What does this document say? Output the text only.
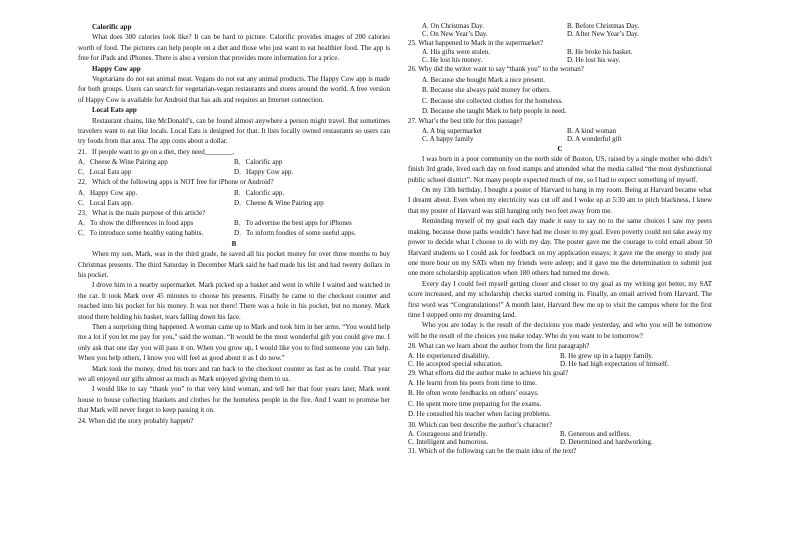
Calorific app

What does 300 calories look like? It can be hard to picture. Calorific provides images of 200 calories worth of food. The pictures can help people on a diet and those who just want to eat healthier food. The app is free for iPads and iPhones. There is also a version that provides more information for a price.

Happy Cow app

Vegetarians do not eat animal meat. Vegans do not eat any animal products. The Happy Cow app is made for both groups. Users can search for vegetarian-vegan restaurants and stores around the world. A free version of Happy Cow is available for Android that has ads and requires an Internet connection.

Local Eats app

Restaurant chains, like McDonald’s, can be found almost anywhere a person might travel. But sometimes travelers want to eat like locals. Local Eats is designed for that. It lists locally owned restaurants so users can try foods from that area. The app costs about a dollar.

21．If people want to go on a diet, they need________.
A．Cheese & Wine Pairing app	B．Calorific app
C．Local Eats app	D．Happy Cow app.
22．Which of the following apps is NOT free for iPhone or Android?
A．Happy Cow app.	B．Calorific app.
C．Local Eats app.	D．Cheese & Wine Pairing app
23．What is the main purpose of this article?
A．To show the differences in food apps	B．To advertise the best apps for iPhones
C．To introduce some healthy eating habits.	D．To inform foodies of some useful apps.
B

When my son, Mark, was in the third grade, he saved all his pocket money for over three months to buy Christmas presents. The third Saturday in December Mark said he had made his list and had twenty dollars in his pocket.

I drove him to a nearby supermarket. Mark picked up a basket and went in while I waited and watched in the car. It took Mark over 45 minutes to choose his presents. Finally he came to the checkout counter and reached into his pocket for his money. It was not there! There was a hole in his pocket, but no money. Mark stood there holding his basket, tears falling down his face.

Then a surprising thing happened. A woman came up to Mark and took him in her arms. “You would help me a lot if you let me pay for you,” said the woman. “It would be the most wonderful gift you could give me. I only ask that one day you will pass it on. When you grow up, I would like you to find someone you can help. When you help others, I know you will feel as good about it as I do now.”

Mark took the money, dried his tears and ran back to the checkout counter as fast as he could. That year we all enjoyed our gifts almost as much as Mark enjoyed giving them to us.

I would like to say “thank you” to that very kind woman, and tell her that four years later, Mark went house to house collecting blankets and clothes for the homeless people in the fire. And I want to promise her that Mark will never forget to keep passing it on.

24. When did the story probably happen?
A. On Christmas Day.	B. Before Christmas Day,
C. On New Year’s Day.	D. After New Year’s Day.
25. What happened to Mark in the supermarket?
A. His gifts were stolen.	B. He broke his basket.
C. He lost his money.	D. He lost his way.
26. Why did the writer want to say “thank you” to the woman?
A. Because she bought Mark a nice present.
B. Because she always paid money for others.
C. Because she collected clothes for the homeless.
D. Because she taught Mark to help people in need.
27. What’s the best title for this passage?
A. A big supermarket	B. A kind woman
C. A happy family	D. A wonderful gift
C

I was born in a poor community on the north side of Boston, US, raised by a single mother who didn’t finish 3rd grade, lived each day on food stamps and attended what the media called “the most dysfunctional public school district”. Not many people expected much of me, so I had to expect something of myself.

On my 13th birthday, I bought a poster of Harvard to hang in my room. Being at Harvard became what I dreamt about. Even when my electricity was cut off and I woke up at 5:30 am to pitch blackness, I knew that my poster of Harvard was still hanging only two feet away from me.

Reminding myself of my goal each day made it easy to say no to the same choices I saw my peers making, because those paths wouldn’t have had me closer to my goal. Even poverty could not take away my power to decide what I choose to do with my day. The poster gave me the courage to cold email about 50 Harvard students so I could ask for feedback on my application essays; it gave me the energy to study just one more hour on my SATs when my friends were asleep; and it gave me the determination to submit just one more scholarship application when 180 others had turned me down.

Every day I could feel myself getting closer and closer to my goal as my writing got better, my SAT score increased, and my scholarship checks started coming in. Finally, an email arrived from Harvard. The first word was “Congratulations!” A month later, Harvard flew me up to visit the campus where for the first time I stepped onto my dreaming land.

Who you are today is the result of the decisions you made yesterday, and who you will be tomorrow will be the result of the choices you make today. Who do you want to be tomorrow?

28. What can we learn about the author from the first paragraph?
A. He experienced disability.	B. He grew up in a happy family.
C. He accepted special education.	D. He had high expectation of himself.
29. What efforts did the author make to achieve his goal?
A. He learnt from his peers from time to time.
B. He often wrote feedbacks on others’ essays.
C. He spent more time preparing for the exams.
D. He consulted his teacher when facing problems.
30. Which can best describe the author’s character?
A. Courageous and friendly.	B. Generous and selfless.
C. Intelligent and humorous.	D. Determined and hardworking.
31. Which of the following can be the main idea of the text?
